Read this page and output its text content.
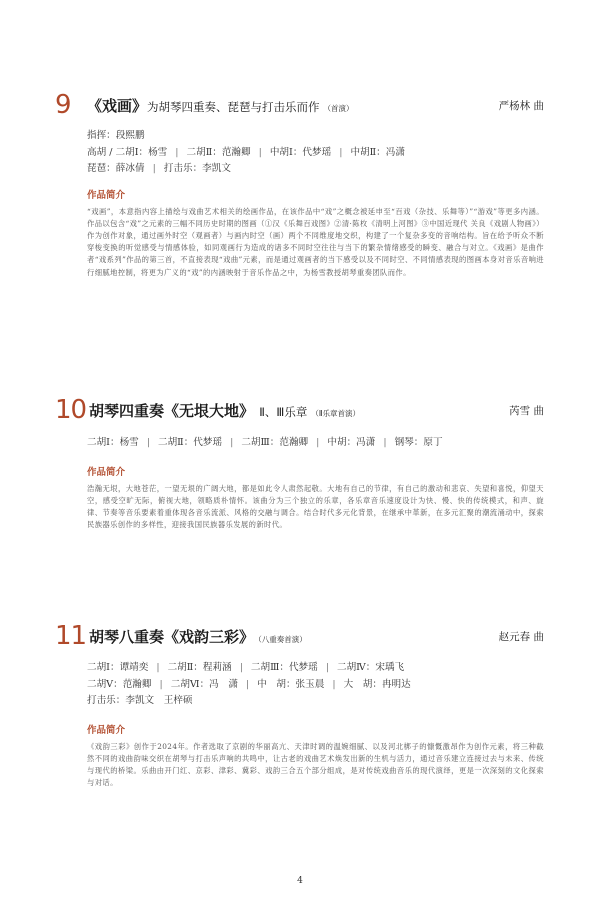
9 《戏画》为胡琴四重奏、琵琶与打击乐而作 （首演）	严杨林 曲
指挥：段熙鹏
高胡 / 二胡Ⅰ：杨雪 | 二胡Ⅱ：范瀚卿 | 中胡Ⅰ：代梦瑶 | 中胡Ⅱ：冯潇
琵琶：薛冰倩 | 打击乐：李凯文
作品简介
“戏画”，本意指内容上描绘与戏曲艺术相关的绘画作品，在该作品中“戏”之概念被延申至“百戏（杂技、乐舞等）”“游戏”等更多内涵。作品以包含“戏”之元素的三幅不同历史时期的图画（①汉《乐舞百戏图》②清·陈枚《清明上河图》③中国近现代 关良《戏剧人物画》）作为创作对象，通过画外时空（观画者）与画内时空（画）两个不同维度地交织，构建了一个复杂多变的音响结构。旨在给予听众不断穿梭变换的听觉感受与情感体验，如同观画行为造成的诸多不同时空往往与当下的繁杂情绪感受的瞬变、融合与对立。《戏画》是曲作者“戏系列”作品的第三首，不直接表现“戏曲”元素，而是通过观画者的当下感受以及不同时空、不同情感表现的图画本身对音乐音响进行细腻地控制，将更为广义的“戏”的内涵映射于音乐作品之中，为杨雪教授胡琴重奏团队而作。
10 胡琴四重奏《无垠大地》 Ⅱ、Ⅲ乐章 （Ⅱ乐章首演）	芮雪 曲
二胡Ⅰ：杨雪 | 二胡Ⅱ：代梦瑶 | 二胡Ⅲ：范瀚卿 | 中胡：冯潇 | 钢琴：原丁
作品简介
浩瀚无垠，大地苍茫，一望无垠的广阔大地，都是如此令人肃然起敬。大地有自己的节律，有自己的激动和悲哀、失望和喜悦，仰望天空，感受空旷无际，俯视大地，领略质朴情怀。该曲分为三个独立的乐章，各乐章音乐速度设计为快、慢、快的传统模式，和声、旋律、节奏等音乐要素着重体现各音乐流派、风格的交融与调合。结合时代多元化背景，在继承中革新，在多元汇聚的潮流涌动中，探索民族器乐创作的多样性，迎接我国民族器乐发展的新时代。
11 胡琴八重奏《戏韵三彩》 （八重奏首演）	赵元春 曲
二胡Ⅰ：谭靖奕 | 二胡Ⅱ：程莉涵 | 二胡Ⅲ：代梦瑶 | 二胡Ⅳ：宋瑀飞
二胡Ⅴ：范瀚卿 | 二胡Ⅵ：冯　潇 | 中　胡：张玉晨 | 大　胡：冉明达
打击乐：李凯文　王梓硕
作品简介
《戏韵三彩》创作于2024年。作者选取了京剧的华丽高亢、天津时调的温婉细腻、以及河北梆子的慷慨激昂作为创作元素，将三种截然不同的戏曲韵味交织在胡琴与打击乐声响的共鸣中，让古老的戏曲艺术焕发出新的生机与活力，通过音乐建立连接过去与未来、传统与现代的桥梁。乐曲由开门红、京彩、津彩、冀彩、戏韵三合五个部分组成，是对传统戏曲音乐的现代演绎，更是一次深刻的文化探索与对话。
4
